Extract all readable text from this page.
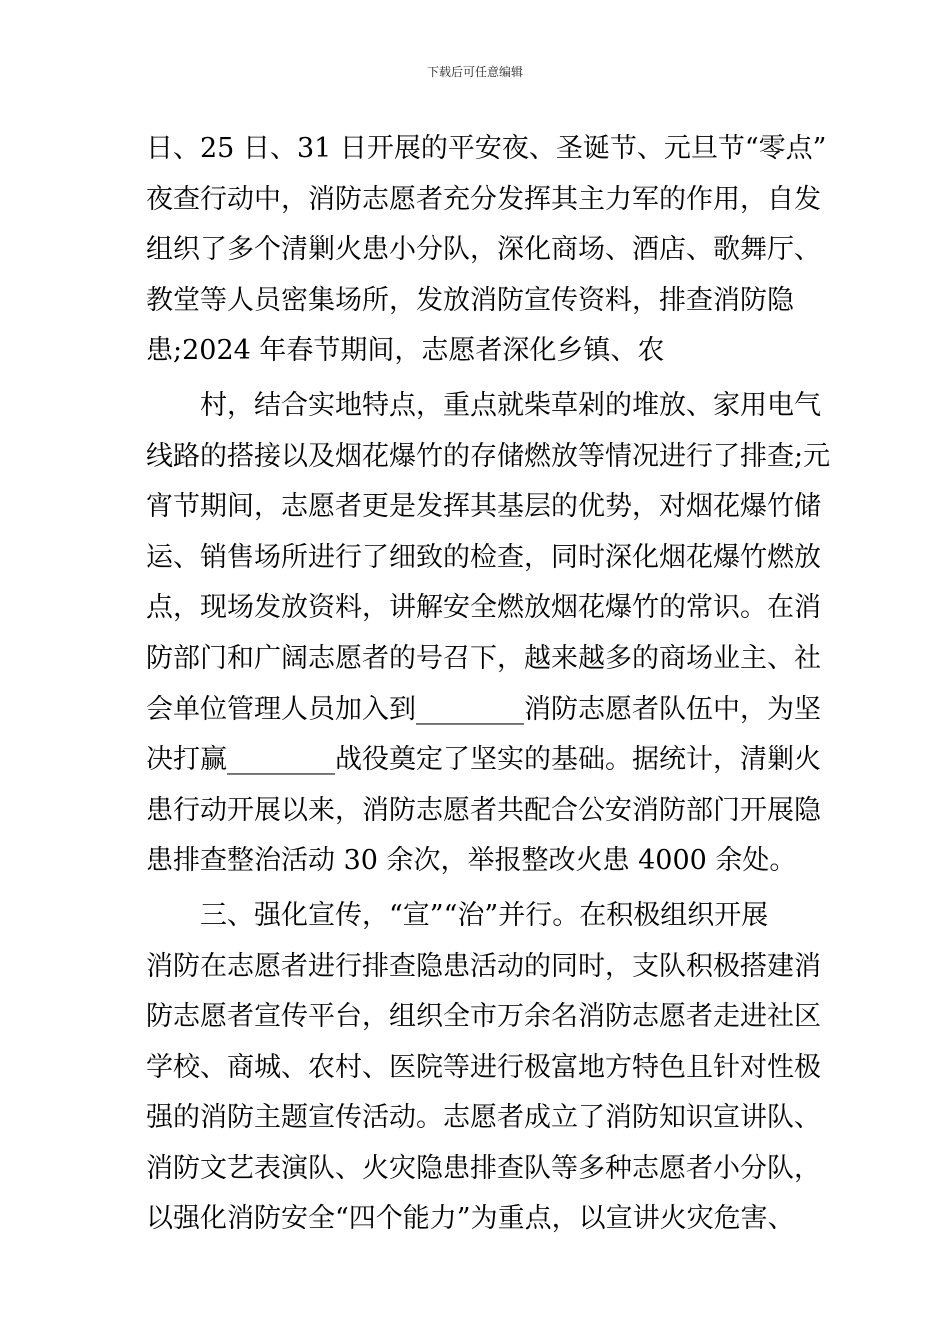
下载后可任意编辑
日、25 日、31 日开展的平安夜、圣诞节、元旦节“零点”
夜查行动中，消防志愿者充分发挥其主力军的作用，自发
组织了多个清剿火患小分队，深化商场、酒店、歌舞厅、
教堂等人员密集场所，发放消防宣传资料，排查消防隐
患;2024 年春节期间，志愿者深化乡镇、农
村，结合实地特点，重点就柴草剁的堆放、家用电气
线路的搭接以及烟花爆竹的存储燃放等情况进行了排查;元
宵节期间，志愿者更是发挥其基层的优势，对烟花爆竹储
运、销售场所进行了细致的检查，同时深化烟花爆竹燃放
点，现场发放资料，讲解安全燃放烟花爆竹的常识。在消
防部门和广阔志愿者的号召下，越来越多的商场业主、社
会单位管理人员加入到________消防志愿者队伍中，为坚
决打赢________战役奠定了坚实的基础。据统计，清剿火
患行动开展以来，消防志愿者共配合公安消防部门开展隐
患排查整治活动 30 余次，举报整改火患 4000 余处。
三、强化宣传，“宣”“治”并行。在积极组织开展
消防在志愿者进行排查隐患活动的同时，支队积极搭建消
防志愿者宣传平台，组织全市万余名消防志愿者走进社区
学校、商城、农村、医院等进行极富地方特色且针对性极
强的消防主题宣传活动。志愿者成立了消防知识宣讲队、
消防文艺表演队、火灾隐患排查队等多种志愿者小分队，
以强化消防安全“四个能力”为重点，以宣讲火灾危害、
